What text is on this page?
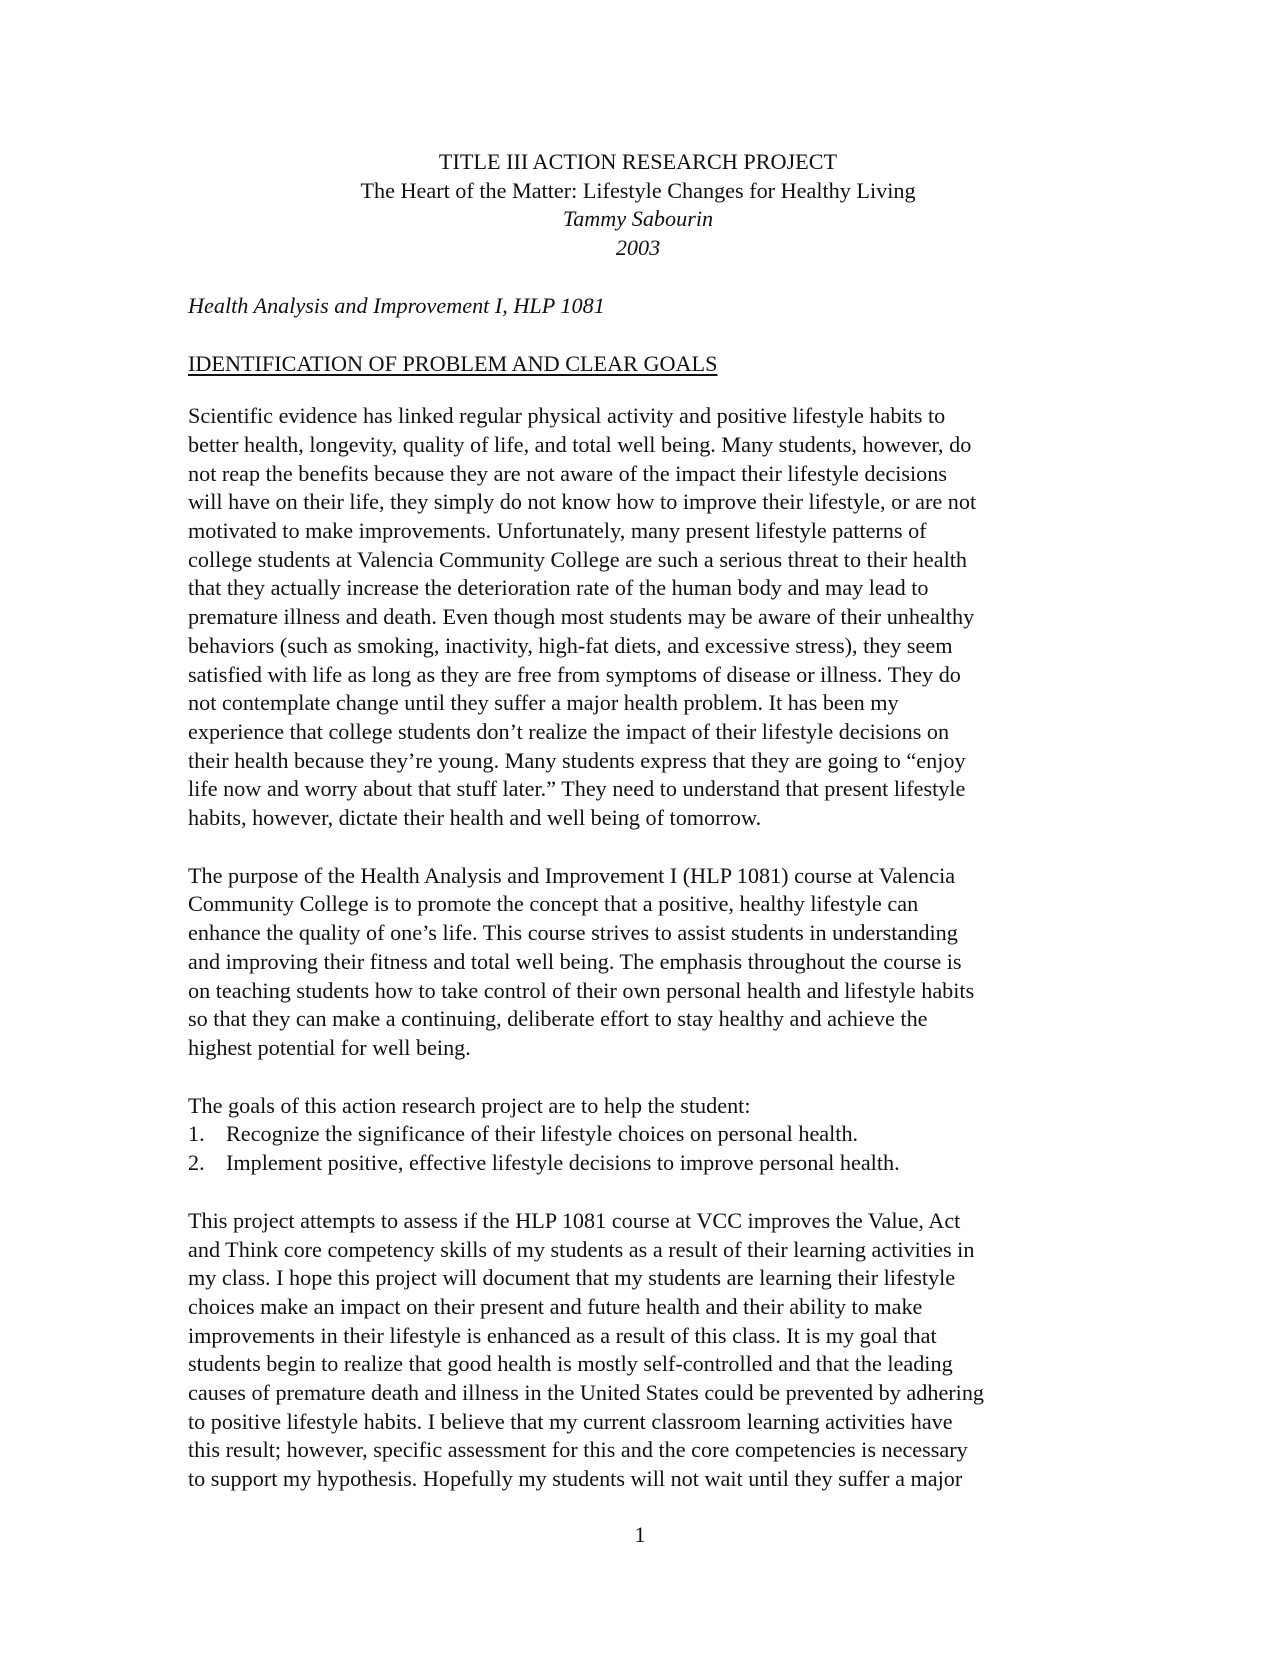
TITLE III ACTION RESEARCH PROJECT
The Heart of the Matter: Lifestyle Changes for Healthy Living
Tammy Sabourin
2003
Health Analysis and Improvement I, HLP 1081
IDENTIFICATION OF PROBLEM AND CLEAR GOALS
Scientific evidence has linked regular physical activity and positive lifestyle habits to
better health, longevity, quality of life, and total well being. Many students, however, do
not reap the benefits because they are not aware of the impact their lifestyle decisions
will have on their life, they simply do not know how to improve their lifestyle, or are not
motivated to make improvements. Unfortunately, many present lifestyle patterns of
college students at Valencia Community College are such a serious threat to their health
that they actually increase the deterioration rate of the human body and may lead to
premature illness and death. Even though most students may be aware of their unhealthy
behaviors (such as smoking, inactivity, high-fat diets, and excessive stress), they seem
satisfied with life as long as they are free from symptoms of disease or illness. They do
not contemplate change until they suffer a major health problem. It has been my
experience that college students don’t realize the impact of their lifestyle decisions on
their health because they’re young. Many students express that they are going to “enjoy
life now and worry about that stuff later.” They need to understand that present lifestyle
habits, however, dictate their health and well being of tomorrow.
The purpose of the Health Analysis and Improvement I (HLP 1081) course at Valencia
Community College is to promote the concept that a positive, healthy lifestyle can
enhance the quality of one’s life. This course strives to assist students in understanding
and improving their fitness and total well being. The emphasis throughout the course is
on teaching students how to take control of their own personal health and lifestyle habits
so that they can make a continuing, deliberate effort to stay healthy and achieve the
highest potential for well being.
The goals of this action research project are to help the student:
1. Recognize the significance of their lifestyle choices on personal health.
2. Implement positive, effective lifestyle decisions to improve personal health.
This project attempts to assess if the HLP 1081 course at VCC improves the Value, Act
and Think core competency skills of my students as a result of their learning activities in
my class. I hope this project will document that my students are learning their lifestyle
choices make an impact on their present and future health and their ability to make
improvements in their lifestyle is enhanced as a result of this class. It is my goal that
students begin to realize that good health is mostly self-controlled and that the leading
causes of premature death and illness in the United States could be prevented by adhering
to positive lifestyle habits. I believe that my current classroom learning activities have
this result; however, specific assessment for this and the core competencies is necessary
to support my hypothesis. Hopefully my students will not wait until they suffer a major
1
